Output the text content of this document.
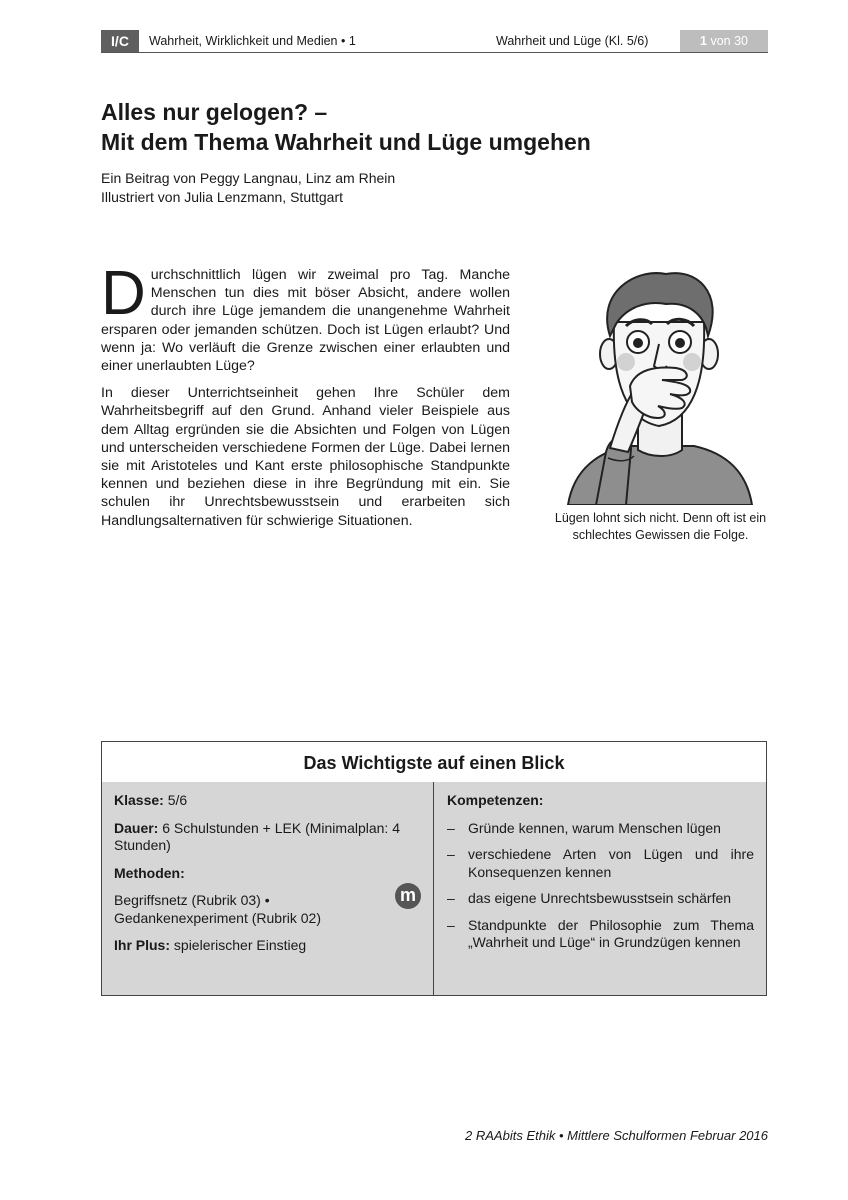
I/C	Wahrheit, Wirklichkeit und Medien • 1	Wahrheit und Lüge (Kl. 5/6)	1 von 30
Alles nur gelogen? –
Mit dem Thema Wahrheit und Lüge umgehen
Ein Beitrag von Peggy Langnau, Linz am Rhein
Illustriert von Julia Lenzmann, Stuttgart

Durchschnittlich lügen wir zweimal pro Tag. Manche Menschen tun dies mit böser Absicht, andere wollen durch ihre Lüge jemandem die unangenehme Wahrheit ersparen oder jemanden schützen. Doch ist Lügen erlaubt? Und wenn ja: Wo verläuft die Grenze zwischen einer erlaubten und einer unerlaubten Lüge?

In dieser Unterrichtseinheit gehen Ihre Schüler dem Wahrheitsbegriff auf den Grund. Anhand vieler Beispiele aus dem Alltag ergründen sie die Absichten und Folgen von Lügen und unterscheiden verschiedene Formen der Lüge. Dabei lernen sie mit Aristoteles und Kant erste philosophische Standpunkte kennen und beziehen diese in ihre Begründung mit ein. Sie schulen ihr Unrechtsbewusstsein und erarbeiten sich Handlungsalternativen für schwierige Situationen.	Lügen lohnt sich nicht. Denn oft ist ein schlechtes Gewissen die Folge.
Das Wichtigste auf einen Blick
Klasse: 5/6
Dauer: 6 Schulstunden + LEK (Minimalplan: 4 Stunden)
Methoden:
Begriffsnetz (Rubrik 03) • Gedankenexperiment (Rubrik 02)
m
Ihr Plus: spielerischer Einstieg
Kompetenzen:
– Gründe kennen, warum Menschen lügen
– verschiedene Arten von Lügen und ihre Konsequenzen kennen
– das eigene Unrechtsbewusstsein schärfen
– Standpunkte der Philosophie zum Thema „Wahrheit und Lüge“ in Grundzügen kennen
2 RAAbits Ethik • Mittlere Schulformen Februar 2016
